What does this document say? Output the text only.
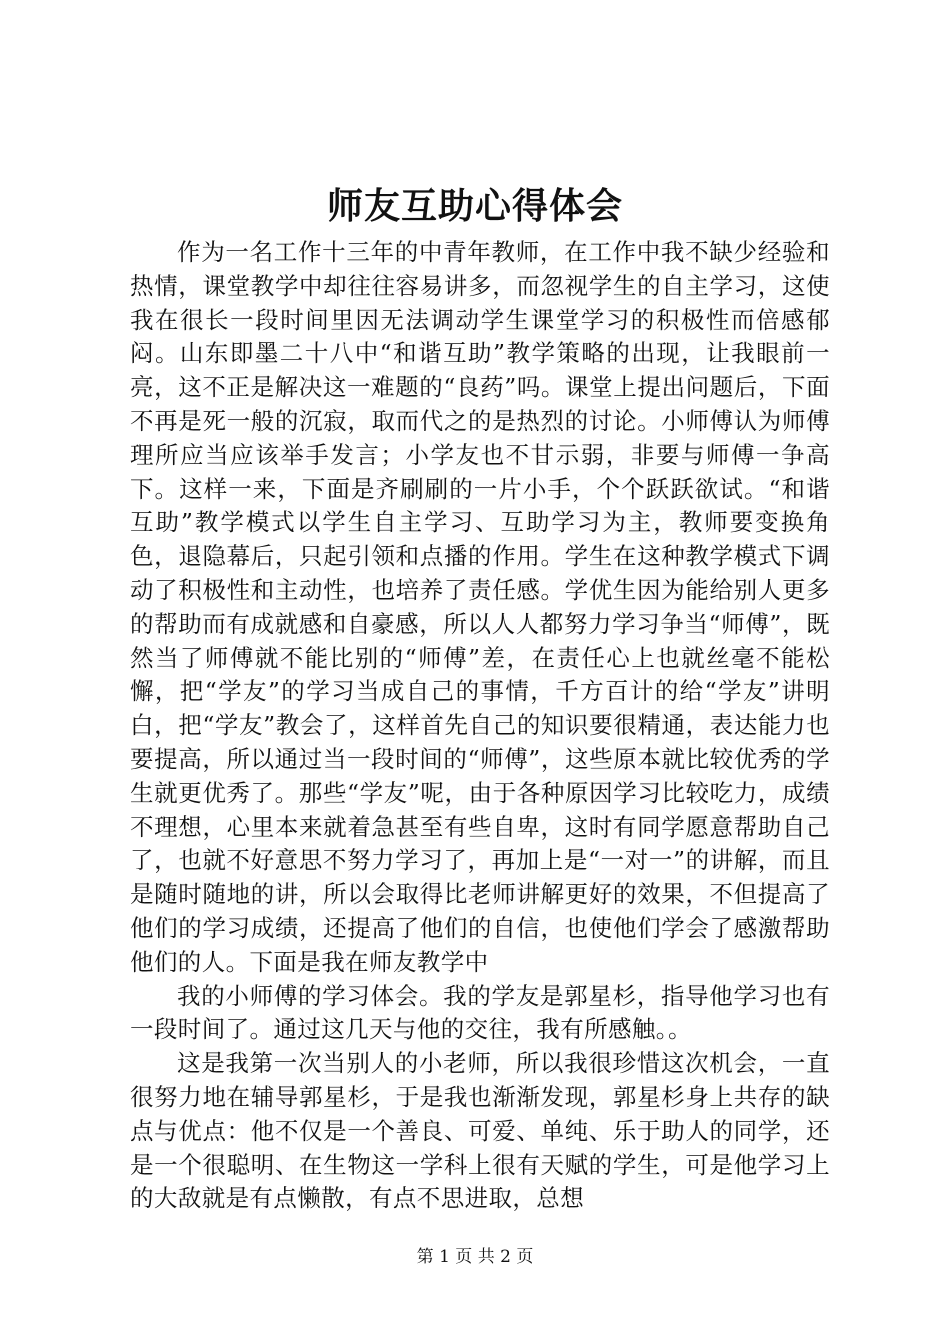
师友互助心得体会

作为一名工作十三年的中青年教师，在工作中我不缺少经验和热情，课堂教学中却往往容易讲多，而忽视学生的自主学习，这使我在很长一段时间里因无法调动学生课堂学习的积极性而倍感郁闷。山东即墨二十八中“和谐互助”教学策略的出现，让我眼前一亮，这不正是解决这一难题的“良药”吗。课堂上提出问题后，下面不再是死一般的沉寂，取而代之的是热烈的讨论。小师傅认为师傅理所应当应该举手发言；小学友也不甘示弱，非要与师傅一争高下。这样一来，下面是齐刷刷的一片小手，个个跃跃欲试。“和谐互助”教学模式以学生自主学习、互助学习为主，教师要变换角色，退隐幕后，只起引领和点播的作用。学生在这种教学模式下调动了积极性和主动性，也培养了责任感。学优生因为能给别人更多的帮助而有成就感和自豪感，所以人人都努力学习争当“师傅”，既然当了师傅就不能比别的“师傅”差，在责任心上也就丝毫不能松懈，把“学友”的学习当成自己的事情，千方百计的给“学友”讲明白，把“学友”教会了，这样首先自己的知识要很精通，表达能力也要提高，所以通过当一段时间的“师傅”，这些原本就比较优秀的学生就更优秀了。那些“学友”呢，由于各种原因学习比较吃力，成绩不理想，心里本来就着急甚至有些自卑，这时有同学愿意帮助自己了，也就不好意思不努力学习了，再加上是“一对一”的讲解，而且是随时随地的讲，所以会取得比老师讲解更好的效果，不但提高了他们的学习成绩，还提高了他们的自信，也使他们学会了感激帮助他们的人。下面是我在师友教学中

我的小师傅的学习体会。我的学友是郭星杉，指导他学习也有一段时间了。通过这几天与他的交往，我有所感触。。

这是我第一次当别人的小老师，所以我很珍惜这次机会，一直很努力地在辅导郭星杉，于是我也渐渐发现，郭星杉身上共存的缺点与优点：他不仅是一个善良、可爱、单纯、乐于助人的同学，还是一个很聪明、在生物这一学科上很有天赋的学生，可是他学习上的大敌就是有点懒散，有点不思进取，总想

第 1 页 共 2 页
